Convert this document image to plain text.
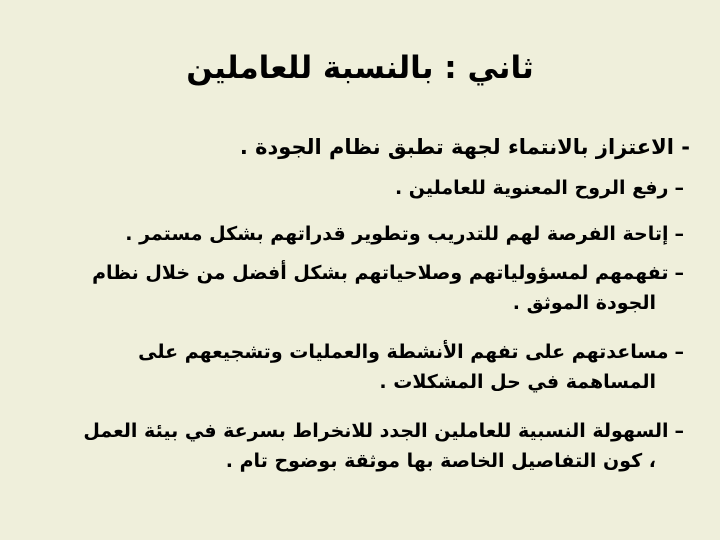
ثاني : بالنسبة للعاملين
- الاعتزاز بالانتماء لجهة تطبق نظام الجودة .
–رفع الروح المعنوية للعاملين .
–إتاحة الفرصة لهم للتدريب وتطوير قدراتهم بشكل مستمر .
–تفهمهم لمسؤولياتهم وصلاحياتهم بشكل أفضل من خلال نظام
الجودة الموثق .
–مساعدتهم على تفهم الأنشطة والعمليات وتشجيعهم على
المساهمة في حل المشكلات .
–السهولة النسبية للعاملين الجدد للانخراط بسرعة في بيئة العمل
، كون التفاصيل الخاصة بها موثقة بوضوح تام .
